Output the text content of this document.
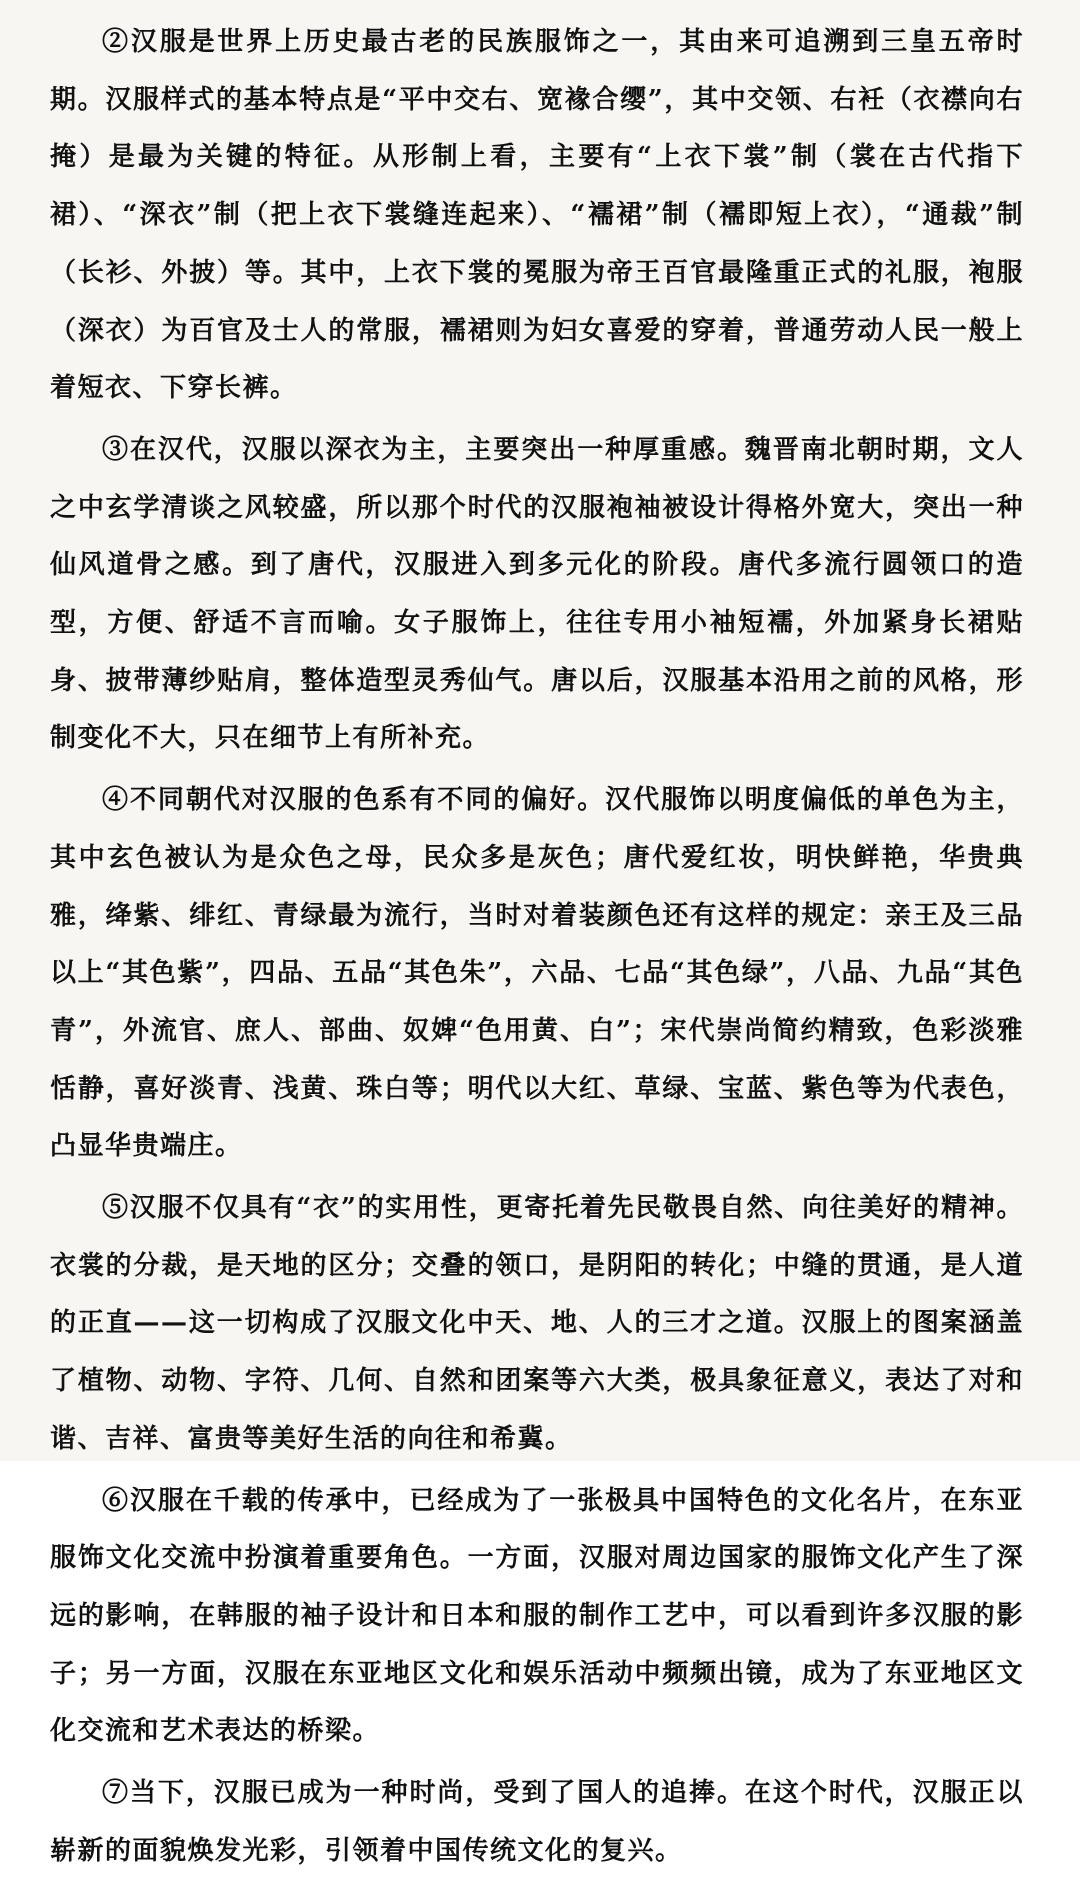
②汉服是世界上历史最古老的民族服饰之一，其由来可追溯到三皇五帝时期。汉服样式的基本特点是“平中交右、宽褖合缨”，其中交领、右衽（衣襟向右掩）是最为关键的特征。从形制上看，主要有“上衣下裳”制（裳在古代指下裙）、“深衣”制（把上衣下裳缝连起来）、“襦裙”制（襦即短上衣），“通裁”制（长衫、外披）等。其中，上衣下裳的冕服为帝王百官最隆重正式的礼服，袍服（深衣）为百官及士人的常服，襦裙则为妇女喜爱的穿着，普通劳动人民一般上着短衣、下穿长裤。

③在汉代，汉服以深衣为主，主要突出一种厚重感。魏晋南北朝时期，文人之中玄学清谈之风较盛，所以那个时代的汉服袍袖被设计得格外宽大，突出一种仙风道骨之感。到了唐代，汉服进入到多元化的阶段。唐代多流行圆领口的造型，方便、舒适不言而喻。女子服饰上，往往专用小袖短襦，外加紧身长裙贴身、披带薄纱贴肩，整体造型灵秀仙气。唐以后，汉服基本沿用之前的风格，形制变化不大，只在细节上有所补充。

④不同朝代对汉服的色系有不同的偏好。汉代服饰以明度偏低的单色为主，其中玄色被认为是众色之母，民众多是灰色；唐代爱红妆，明快鲜艳，华贵典雅，绛紫、绯红、青绿最为流行，当时对着装颜色还有这样的规定：亲王及三品以上“其色紫”，四品、五品“其色朱”，六品、七品“其色绿”，八品、九品“其色青”，外流官、庶人、部曲、奴婢“色用黄、白”；宋代崇尚简约精致，色彩淡雅恬静，喜好淡青、浅黄、珠白等；明代以大红、草绿、宝蓝、紫色等为代表色，凸显华贵端庄。

⑤汉服不仅具有“衣”的实用性，更寄托着先民敬畏自然、向往美好的精神。衣裳的分裁，是天地的区分；交叠的领口，是阴阳的转化；中缝的贯通，是人道的正直——这一切构成了汉服文化中天、地、人的三才之道。汉服上的图案涵盖了植物、动物、字符、几何、自然和团案等六大类，极具象征意义，表达了对和谐、吉祥、富贵等美好生活的向往和希冀。

⑥汉服在千载的传承中，已经成为了一张极具中国特色的文化名片，在东亚服饰文化交流中扮演着重要角色。一方面，汉服对周边国家的服饰文化产生了深远的影响，在韩服的袖子设计和日本和服的制作工艺中，可以看到许多汉服的影子；另一方面，汉服在东亚地区文化和娱乐活动中频频出镜，成为了东亚地区文化交流和艺术表达的桥梁。

⑦当下，汉服已成为一种时尚，受到了国人的追捧。在这个时代，汉服正以崭新的面貌焕发光彩，引领着中国传统文化的复兴。
